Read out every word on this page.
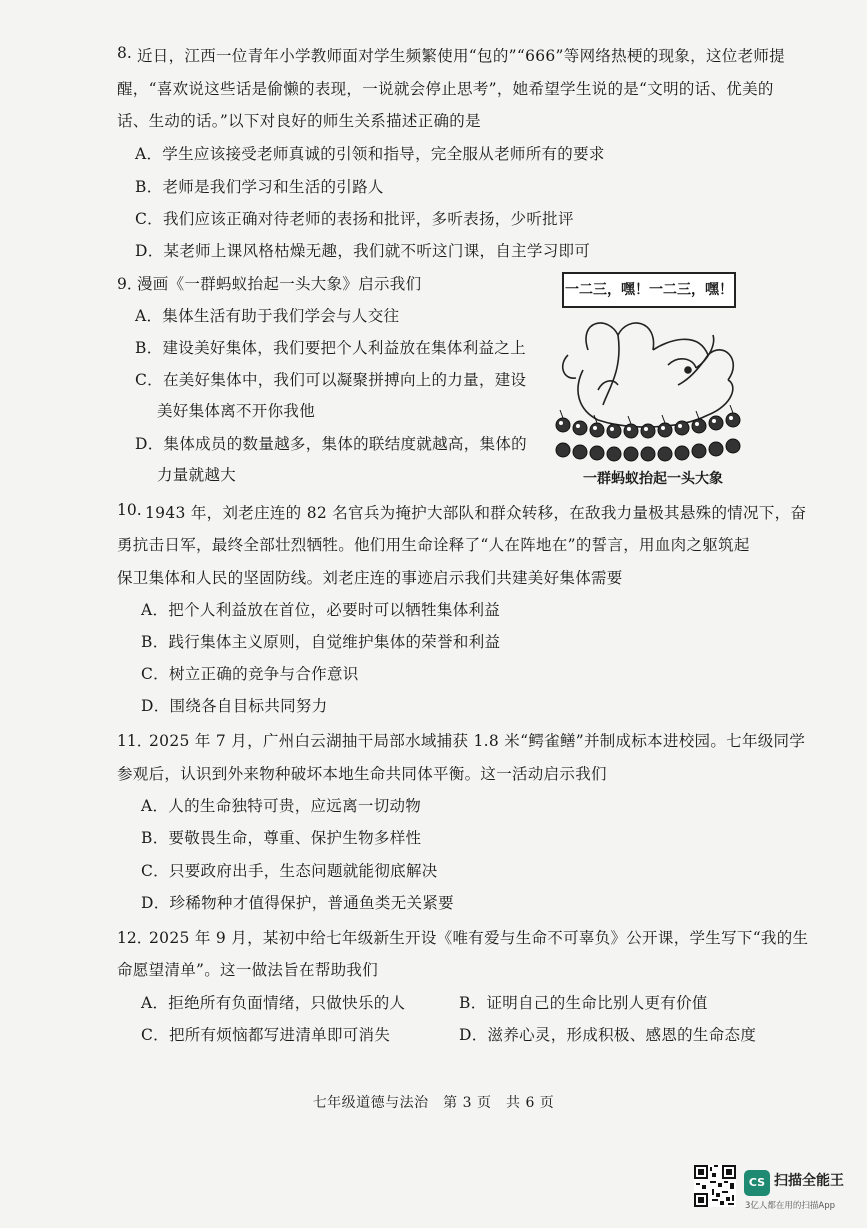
8. 近日，江西一位青年小学教师面对学生频繁使用“包的”“666”等网络热梗的现象，这位老师提
醒，“喜欢说这些话是偷懒的表现，一说就会停止思考”，她希望学生说的是“文明的话、优美的
话、生动的话。”以下对良好的师生关系描述正确的是
A．学生应该接受老师真诚的引领和指导，完全服从老师所有的要求
B．老师是我们学习和生活的引路人
C．我们应该正确对待老师的表扬和批评，多听表扬，少听批评
D．某老师上课风格枯燥无趣，我们就不听这门课，自主学习即可
9．
漫画《一群蚂蚁抬起一头大象》启示我们
A．集体生活有助于我们学会与人交往
B．建设美好集体，我们要把个人利益放在集体利益之上
C．在美好集体中，我们可以凝聚拼搏向上的力量，建设
美好集体离不开你我他
D．集体成员的数量越多，集体的联结度就越高，集体的
力量就越大
一二三，嘿！一二三，嘿！
一群蚂蚁抬起一头大象
10. 1943 年，刘老庄连的 82 名官兵为掩护大部队和群众转移，在敌我力量极其悬殊的情况下，奋
勇抗击日军，最终全部壮烈牺牲。他们用生命诠释了“人在阵地在”的誓言，用血肉之躯筑起
保卫集体和人民的坚固防线。刘老庄连的事迹启示我们共建美好集体需要
A．把个人利益放在首位，必要时可以牺牲集体利益
B．践行集体主义原则，自觉维护集体的荣誉和利益
C．树立正确的竞争与合作意识
D．围绕各自目标共同努力
11．
2025 年 7 月，广州白云湖抽干局部水域捕获 1.8 米“鳄雀鳝”并制成标本进校园。七年级同学
参观后，认识到外来物种破坏本地生命共同体平衡。这一活动启示我们
A．人的生命独特可贵，应远离一切动物
B．要敬畏生命，尊重、保护生物多样性
C．只要政府出手，生态问题就能彻底解决
D．珍稀物种才值得保护，普通鱼类无关紧要
12．
2025 年 9 月，某初中给七年级新生开设《唯有爱与生命不可辜负》公开课，学生写下“我的生
命愿望清单”。这一做法旨在帮助我们
A．拒绝所有负面情绪，只做快乐的人	B．证明自己的生命比别人更有价值
C．把所有烦恼都写进清单即可消失	D．滋养心灵，形成积极、感恩的生命态度
七年级道德与法治　第 3 页　共 6 页
CS 扫描全能王
3亿人都在用的扫描App
